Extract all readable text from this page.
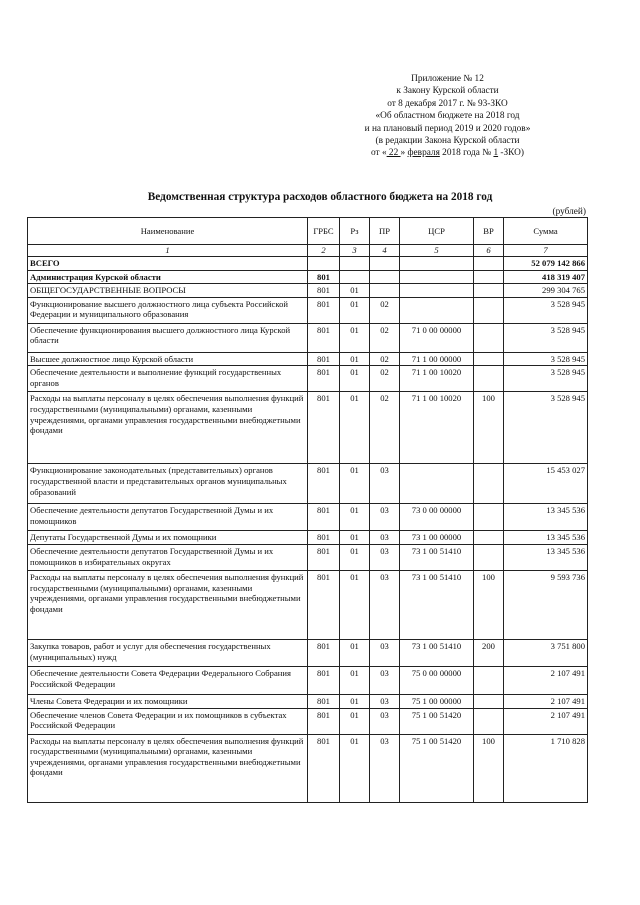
Приложение № 12
к Закону Курской области
от 8 декабря 2017 г. № 93-ЗКО
«Об областном бюджете на 2018 год
и на плановый период 2019 и 2020 годов»
(в редакции Закона Курской области
от « 22 » февраля 2018 года № 1 -ЗКО)
Ведомственная структура расходов областного бюджета на 2018 год
(рублей)
Наименование	ГРБС	Рз	ПР	ЦСР	ВР	Сумма
1	2	3	4	5	6	7
ВСЕГО						52 079 142 866
Администрация Курской области	801					418 319 407
ОБЩЕГОСУДАРСТВЕННЫЕ ВОПРОСЫ	801	01				299 304 765
Функционирование высшего должностного лица субъекта Российской Федерации и муниципального образования	801	01	02			3 528 945
Обеспечение функционирования высшего должностного лица Курской области	801	01	02	71 0 00 00000		3 528 945
Высшее должностное лицо Курской области	801	01	02	71 1 00 00000		3 528 945
Обеспечение деятельности и выполнение функций государственных органов	801	01	02	71 1 00 10020		3 528 945
Расходы на выплаты персоналу в целях обеспечения выполнения функций государственными (муниципальными) органами, казенными учреждениями, органами управления государственными внебюджетными фондами	801	01	02	71 1 00 10020	100	3 528 945
Функционирование законодательных (представительных) органов государственной власти и представительных органов муниципальных образований	801	01	03			15 453 027
Обеспечение деятельности депутатов Государственной Думы и их помощников	801	01	03	73 0 00 00000		13 345 536
Депутаты Государственной Думы и их помощники	801	01	03	73 1 00 00000		13 345 536
Обеспечение деятельности депутатов Государственной Думы и их помощников в избирательных округах	801	01	03	73 1 00 51410		13 345 536
Расходы на выплаты персоналу в целях обеспечения выполнения функций государственными (муниципальными) органами, казенными учреждениями, органами управления государственными внебюджетными фондами	801	01	03	73 1 00 51410	100	9 593 736
Закупка товаров, работ и услуг для обеспечения государственных (муниципальных) нужд	801	01	03	73 1 00 51410	200	3 751 800
Обеспечение деятельности Совета Федерации Федерального Собрания Российской Федерации	801	01	03	75 0 00 00000		2 107 491
Члены Совета Федерации и их помощники	801	01	03	75 1 00 00000		2 107 491
Обеспечение членов Совета Федерации и их помощников в субъектах Российской Федерации	801	01	03	75 1 00 51420		2 107 491
Расходы на выплаты персоналу в целях обеспечения выполнения функций государственными (муниципальными) органами, казенными учреждениями, органами управления государственными внебюджетными фондами	801	01	03	75 1 00 51420	100	1 710 828
